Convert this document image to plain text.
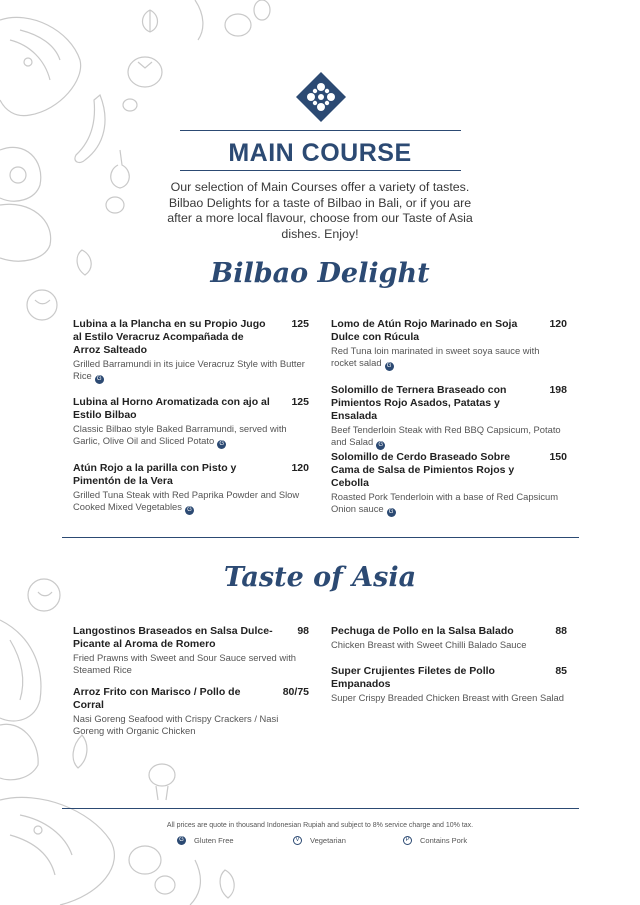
MAIN COURSE
Our selection of Main Courses offer a variety of tastes. Bilbao Delights for a taste of Bilbao in Bali, or if you are after a more local flavour, choose from our Taste of Asia dishes. Enjoy!
Bilbao Delight
Lubina a la Plancha en su Propio Jugo al Estilo Veracruz Acompañada de Arroz Salteado
125
Grilled Barramundi in its juice Veracruz Style with Butter Rice G
Lubina al Horno Aromatizada con ajo al Estilo Bilbao
125
Classic Bilbao style Baked Barramundi, served with Garlic, Olive Oil and Sliced Potato G
Atún Rojo a la parilla con Pisto y Pimentón de la Vera
120
Grilled Tuna Steak with Red Paprika Powder and Slow Cooked Mixed Vegetables G
Lomo de Atún Rojo Marinado en Soja Dulce con Rúcula
120
Red Tuna loin marinated in sweet soya sauce with rocket salad G
Solomillo de Ternera Braseado con Pimientos Rojo Asados, Patatas y Ensalada
198
Beef Tenderloin Steak with Red BBQ Capsicum, Potato and Salad G
Solomillo de Cerdo Braseado Sobre Cama de Salsa de Pimientos Rojos y Cebolla
150
Roasted Pork Tenderloin with a base of Red Capsicum Onion sauce G
Taste of Asia
Langostinos Braseados en Salsa Dulce-Picante al Aroma de Romero
98
Fried Prawns with Sweet and Sour Sauce served with Steamed Rice
Arroz Frito con Marisco / Pollo de Corral
80/75
Nasi Goreng Seafood with Crispy Crackers / Nasi Goreng with Organic Chicken
Pechuga de Pollo en la Salsa Balado	88
Chicken Breast with Sweet Chilli Balado Sauce
Super Crujientes Filetes de Pollo Empanados
85
Super Crispy Breaded Chicken Breast with Green Salad
All prices are quote in thousand Indonesian Rupiah and subject to 8% service charge and 10% tax.
G Gluten Free	V	Vegetarian	P	Contains Pork
